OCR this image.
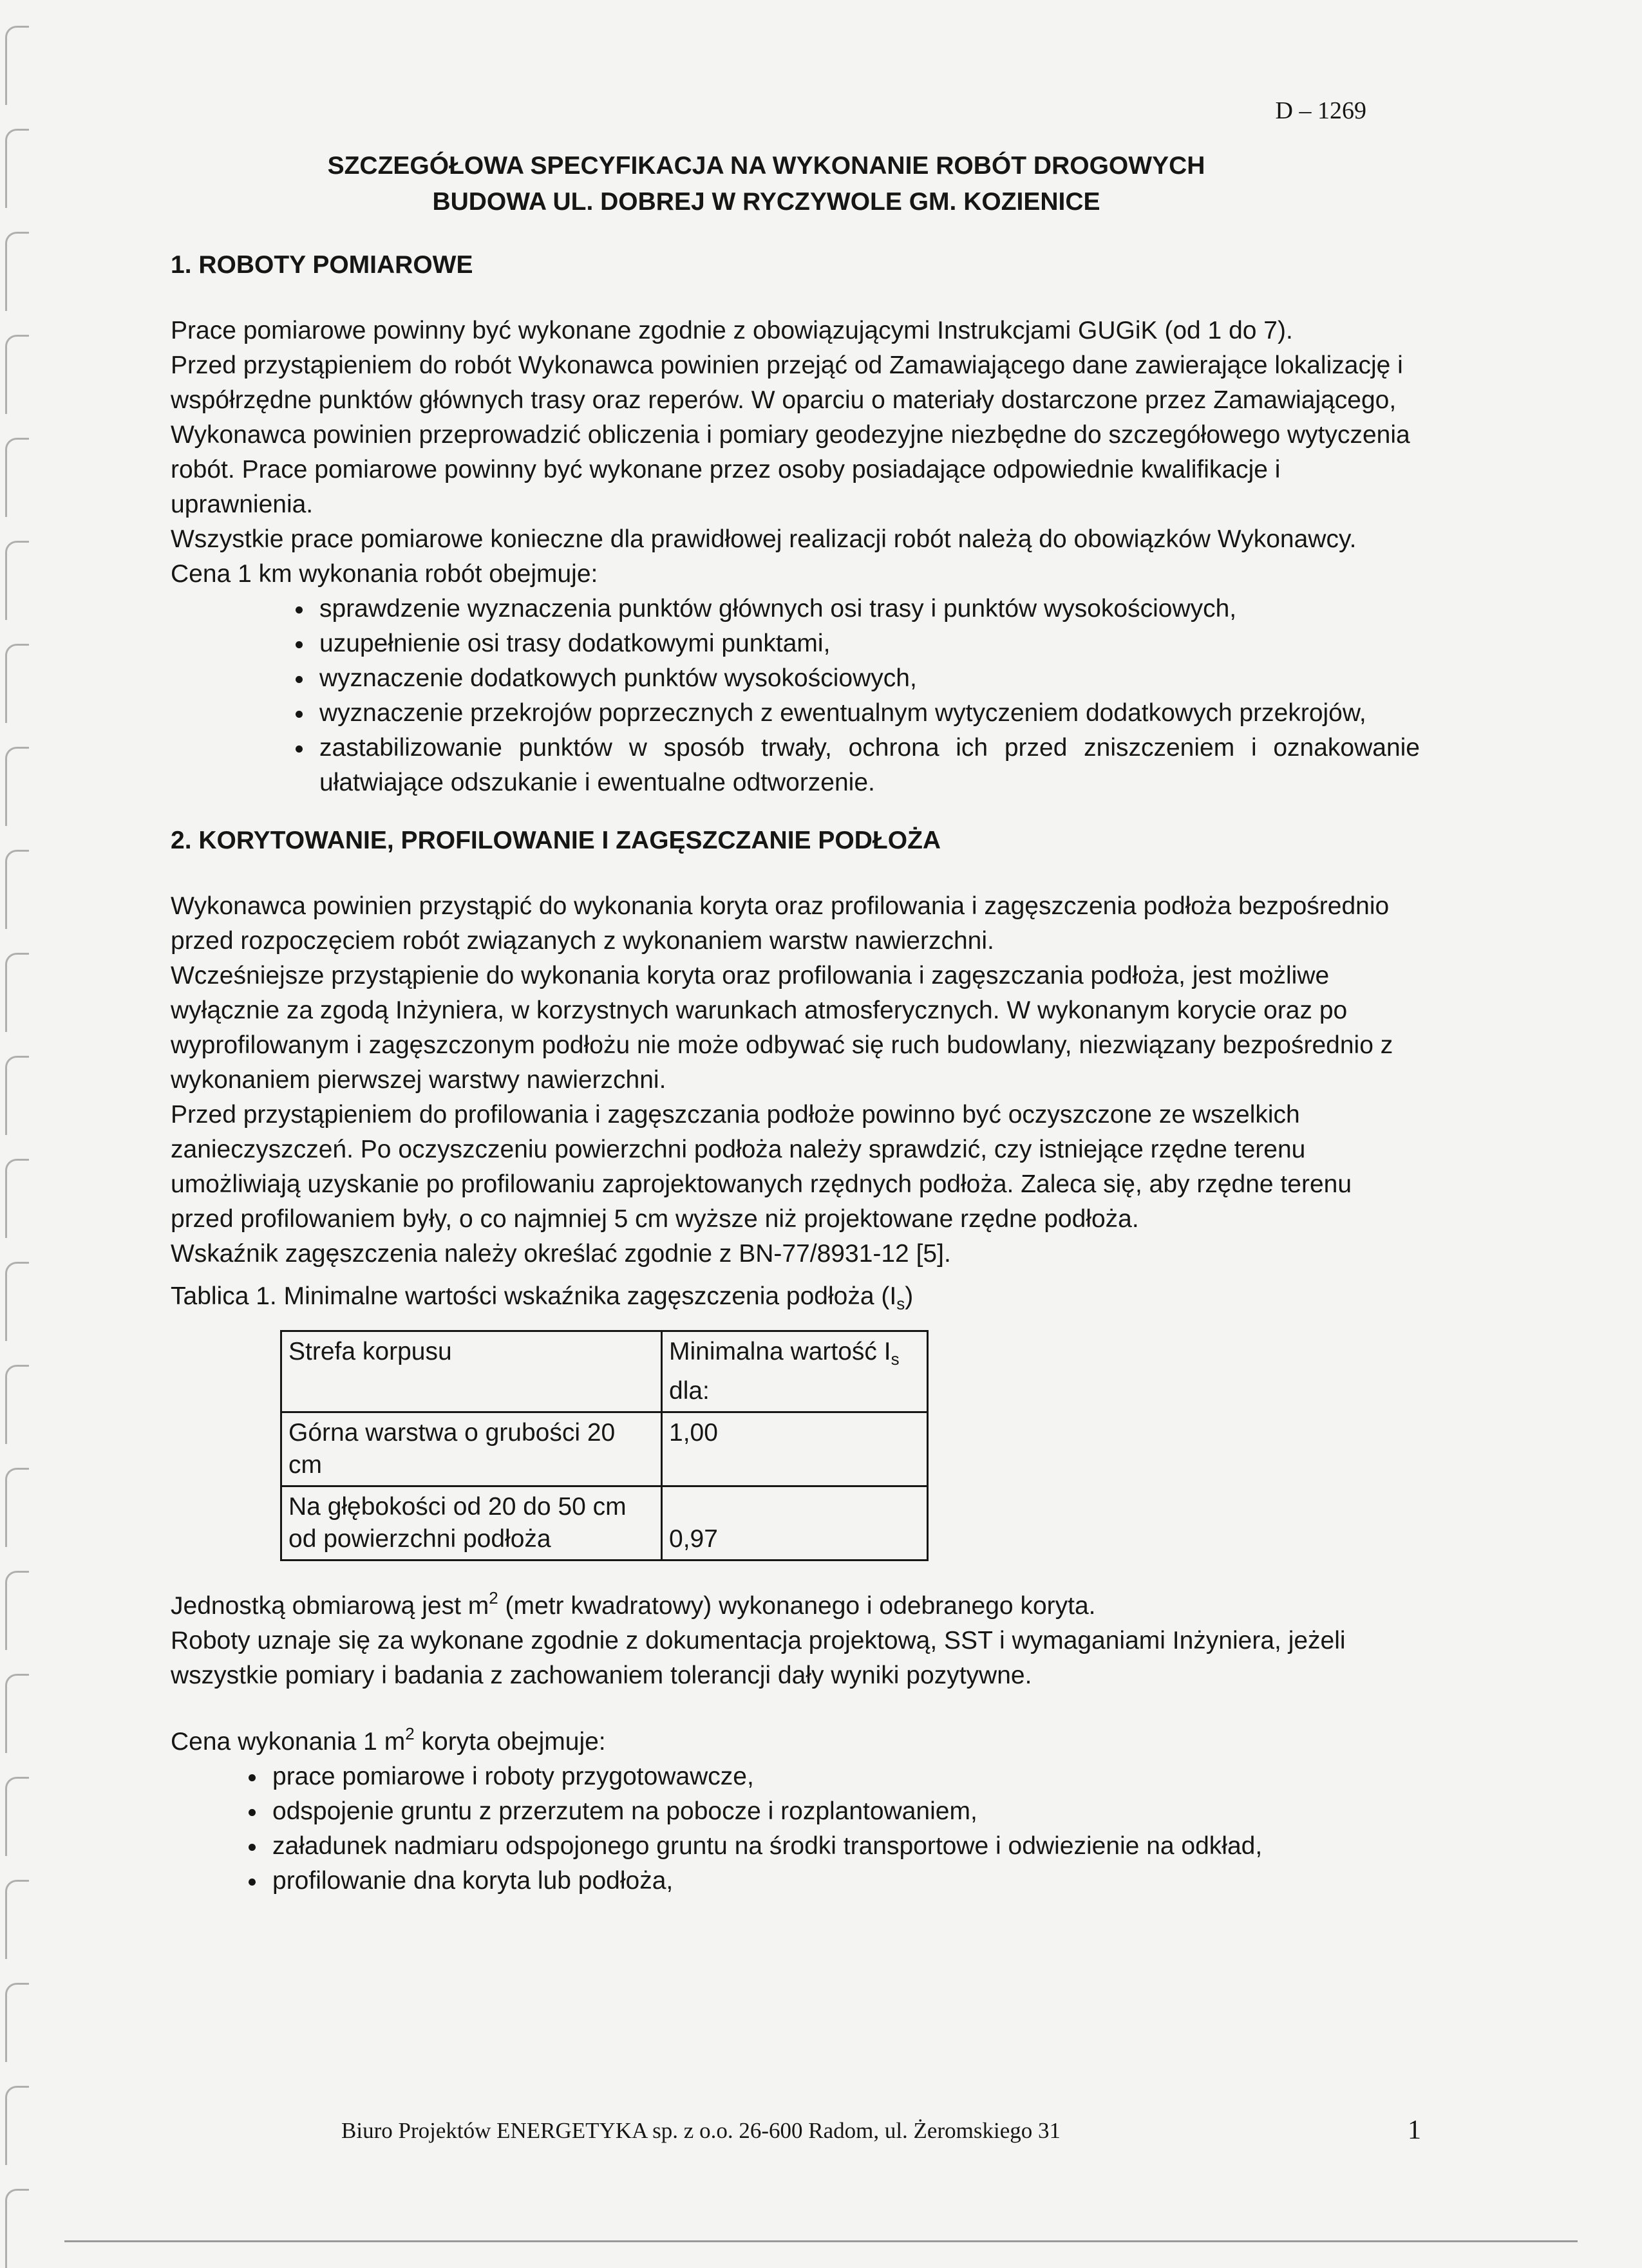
D – 1269
SZCZEGÓŁOWA SPECYFIKACJA NA WYKONANIE ROBÓT DROGOWYCH
BUDOWA UL. DOBREJ W RYCZYWOLE GM. KOZIENICE
1. ROBOTY POMIAROWE

Prace pomiarowe powinny być wykonane zgodnie z obowiązującymi Instrukcjami GUGiK (od 1 do 7).

Przed przystąpieniem do robót Wykonawca powinien przejąć od Zamawiającego dane zawierające lokalizację i współrzędne punktów głównych trasy oraz reperów. W oparciu o materiały dostarczone przez Zamawiającego, Wykonawca powinien przeprowadzić obliczenia i pomiary geodezyjne niezbędne do szczegółowego wytyczenia robót. Prace pomiarowe powinny być wykonane przez osoby posiadające odpowiednie kwalifikacje i uprawnienia.

Wszystkie prace pomiarowe konieczne dla prawidłowej realizacji robót należą do obowiązków Wykonawcy.

Cena 1 km wykonania robót obejmuje:

• sprawdzenie wyznaczenia punktów głównych osi trasy i punktów wysokościowych,
• uzupełnienie osi trasy dodatkowymi punktami,
• wyznaczenie dodatkowych punktów wysokościowych,
• wyznaczenie przekrojów poprzecznych z ewentualnym wytyczeniem dodatkowych przekrojów,
• zastabilizowanie punktów w sposób trwały, ochrona ich przed zniszczeniem i oznakowanie ułatwiające odszukanie i ewentualne odtworzenie.
2. KORYTOWANIE, PROFILOWANIE I ZAGĘSZCZANIE PODŁOŻA

Wykonawca powinien przystąpić do wykonania koryta oraz profilowania i zagęszczenia podłoża bezpośrednio przed rozpoczęciem robót związanych z wykonaniem warstw nawierzchni.

Wcześniejsze przystąpienie do wykonania koryta oraz profilowania i zagęszczania podłoża, jest możliwe wyłącznie za zgodą Inżyniera, w korzystnych warunkach atmosferycznych. W wykonanym korycie oraz po wyprofilowanym i zagęszczonym podłożu nie może odbywać się ruch budowlany, niezwiązany bezpośrednio z wykonaniem pierwszej warstwy nawierzchni.

Przed przystąpieniem do profilowania i zagęszczania podłoże powinno być oczyszczone ze wszelkich zanieczyszczeń. Po oczyszczeniu powierzchni podłoża należy sprawdzić, czy istniejące rzędne terenu umożliwiają uzyskanie po profilowaniu zaprojektowanych rzędnych podłoża. Zaleca się, aby rzędne terenu przed profilowaniem były, o co najmniej 5 cm wyższe niż projektowane rzędne podłoża.

Wskaźnik zagęszczenia należy określać zgodnie z BN-77/8931-12 [5].

Tablica 1. Minimalne wartości wskaźnika zagęszczenia podłoża $(I_s)$

Strefa korpusu	Minimalna wartość $I_s$ dla:
Górna warstwa o grubości 20 cm	1,00
Na głębokości od 20 do 50 cm od powierzchni podłoża	0,97

Jednostką obmiarową jest $m^2$ (metr kwadratowy) wykonanego i odebranego koryta.

Roboty uznaje się za wykonane zgodnie z dokumentacja projektową, SST i wymaganiami Inżyniera, jeżeli wszystkie pomiary i badania z zachowaniem tolerancji dały wyniki pozytywne.

Cena wykonania 1 $m^2$ koryta obejmuje:

• prace pomiarowe i roboty przygotowawcze,
• odspojenie gruntu z przerzutem na pobocze i rozplantowaniem,
• załadunek nadmiaru odspojonego gruntu na środki transportowe i odwiezienie na odkład,
• profilowanie dna koryta lub podłoża,
Biuro Projektów ENERGETYKA sp. z o.o. 26-600 Radom, ul. Żeromskiego 31	1
